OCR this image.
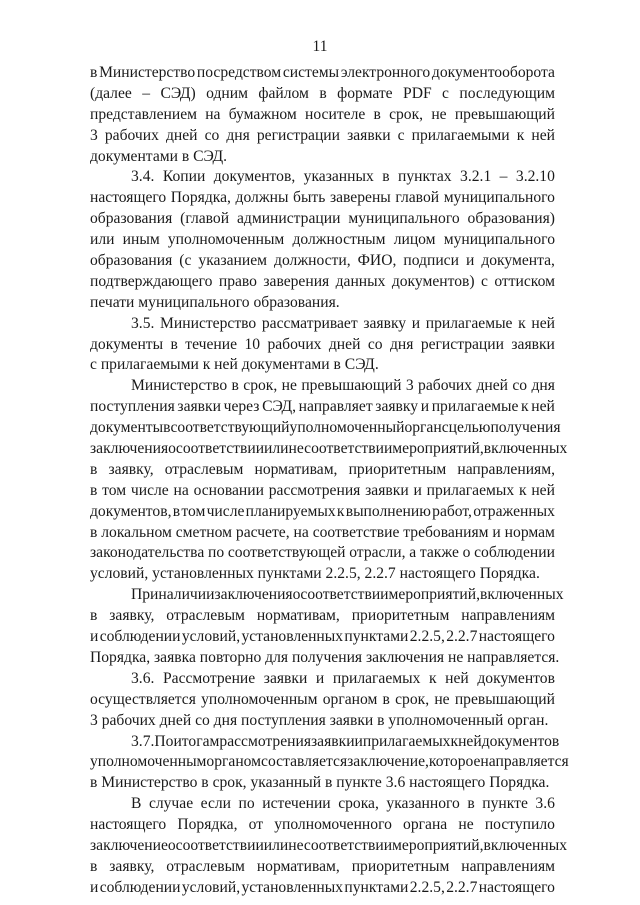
11
в Министерство посредством системы электронного документооборота
(далее – СЭД) одним файлом в формате PDF с последующим
представлением на бумажном носителе в срок, не превышающий
3 рабочих дней со дня регистрации заявки с прилагаемыми к ней
документами в СЭД.
3.4. Копии документов, указанных в пунктах 3.2.1 – 3.2.10
настоящего Порядка, должны быть заверены главой муниципального
образования (главой администрации муниципального образования)
или иным уполномоченным должностным лицом муниципального
образования (с указанием должности, ФИО, подписи и документа,
подтверждающего право заверения данных документов) с оттиском
печати муниципального образования.
3.5. Министерство рассматривает заявку и прилагаемые к ней
документы в течение 10 рабочих дней со дня регистрации заявки
с прилагаемыми к ней документами в СЭД.
Министерство в срок, не превышающий 3 рабочих дней со дня
поступления заявки через СЭД, направляет заявку и прилагаемые к ней
документы в соответствующий уполномоченный орган с целью получения
заключения о соответствии или несоответствии мероприятий, включенных
в заявку, отраслевым нормативам, приоритетным направлениям,
в том числе на основании рассмотрения заявки и прилагаемых к ней
документов, в том числе планируемых к выполнению работ, отраженных
в локальном сметном расчете, на соответствие требованиям и нормам
законодательства по соответствующей отрасли, а также о соблюдении
условий, установленных пунктами 2.2.5, 2.2.7 настоящего Порядка.
При наличии заключения о соответствии мероприятий, включенных
в заявку, отраслевым нормативам, приоритетным направлениям
и соблюдении условий, установленных пунктами 2.2.5, 2.2.7 настоящего
Порядка, заявка повторно для получения заключения не направляется.
3.6. Рассмотрение заявки и прилагаемых к ней документов
осуществляется уполномоченным органом в срок, не превышающий
3 рабочих дней со дня поступления заявки в уполномоченный орган.
3.7. По итогам рассмотрения заявки и прилагаемых к ней документов
уполномоченным органом составляется заключение, которое направляется
в Министерство в срок, указанный в пункте 3.6 настоящего Порядка.
В случае если по истечении срока, указанного в пункте 3.6
настоящего Порядка, от уполномоченного органа не поступило
заключение о соответствии или несоответствии мероприятий, включенных
в заявку, отраслевым нормативам, приоритетным направлениям
и соблюдении условий, установленных пунктами 2.2.5, 2.2.7 настоящего
